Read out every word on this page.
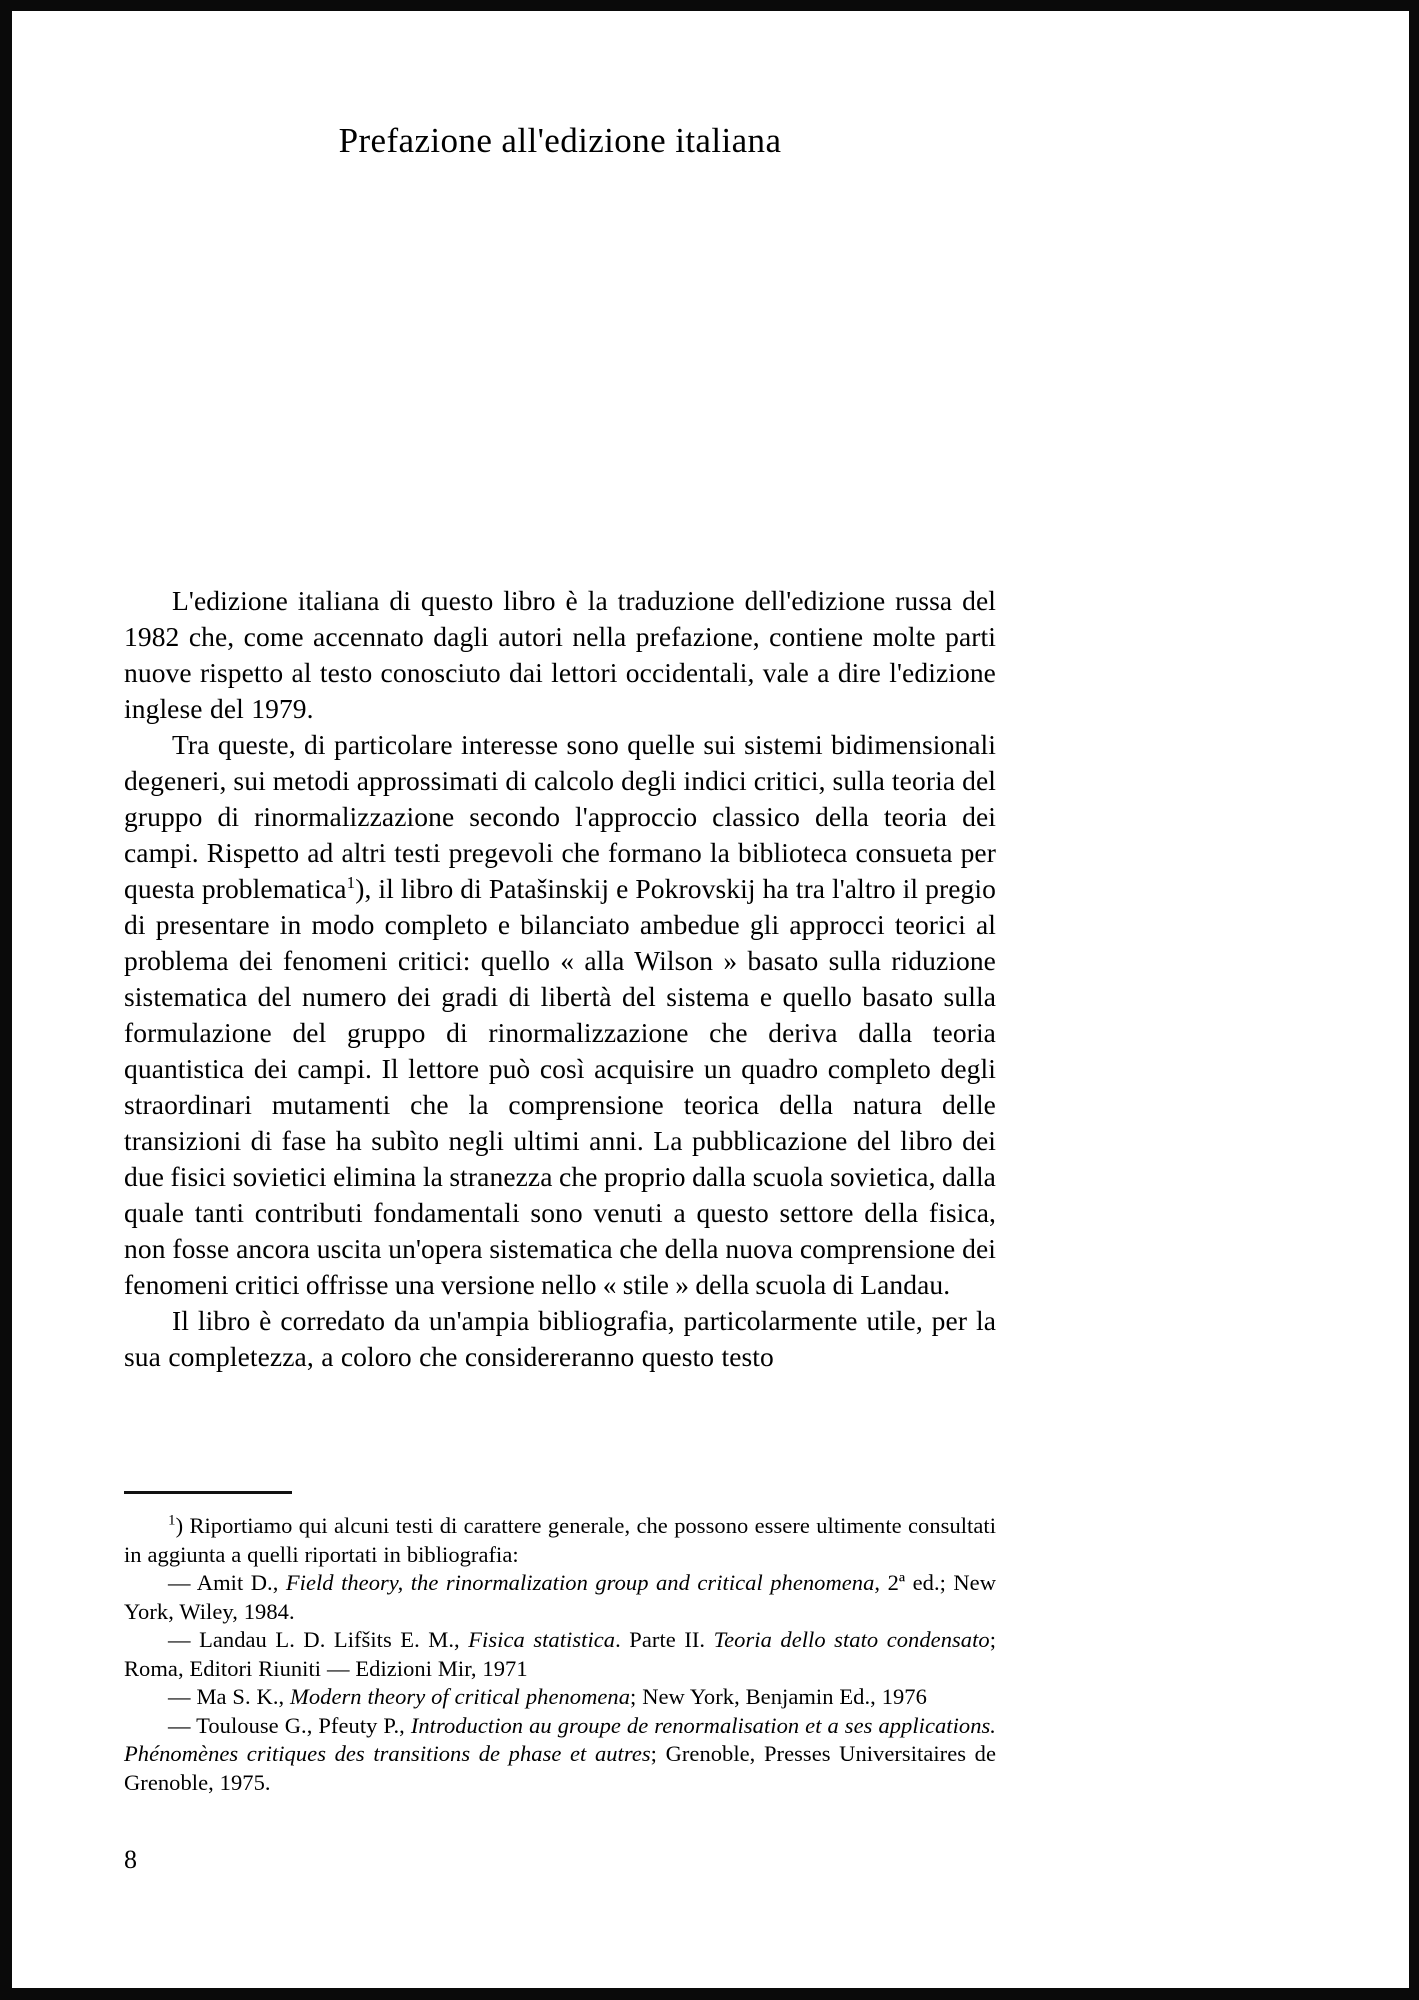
Prefazione all'edizione italiana

L'edizione italiana di questo libro è la traduzione dell'edizione russa del 1982 che, come accennato dagli autori nella prefazione, contiene molte parti nuove rispetto al testo conosciuto dai lettori occidentali, vale a dire l'edizione inglese del 1979.

Tra queste, di particolare interesse sono quelle sui sistemi bidimensionali degeneri, sui metodi approssimati di calcolo degli indici critici, sulla teoria del gruppo di rinormalizzazione secondo l'approccio classico della teoria dei campi. Rispetto ad altri testi pregevoli che formano la biblioteca consueta per questa problematica$^1$), il libro di Patašinskij e Pokrovskij ha tra l'altro il pregio di presentare in modo completo e bilanciato ambedue gli approcci teorici al problema dei fenomeni critici: quello « alla Wilson » basato sulla riduzione sistematica del numero dei gradi di libertà del sistema e quello basato sulla formulazione del gruppo di rinormalizzazione che deriva dalla teoria quantistica dei campi. Il lettore può così acquisire un quadro completo degli straordinari mutamenti che la comprensione teorica della natura delle transizioni di fase ha subìto negli ultimi anni. La pubblicazione del libro dei due fisici sovietici elimina la stranezza che proprio dalla scuola sovietica, dalla quale tanti contributi fondamentali sono venuti a questo settore della fisica, non fosse ancora uscita un'opera sistematica che della nuova comprensione dei fenomeni critici offrisse una versione nello « stile » della scuola di Landau.

Il libro è corredato da un'ampia bibliografia, particolarmente utile, per la sua completezza, a coloro che considereranno questo testo

$^1$) Riportiamo qui alcuni testi di carattere generale, che possono essere ultimente consultati in aggiunta a quelli riportati in bibliografia:

— Amit D., Field theory, the rinormalization group and critical phenomena, 2ª ed.; New York, Wiley, 1984.

— Landau L. D. Lifšits E. M., Fisica statistica. Parte II. Teoria dello stato condensato; Roma, Editori Riuniti — Edizioni Mir, 1971

— Ma S. K., Modern theory of critical phenomena; New York, Benjamin Ed., 1976

— Toulouse G., Pfeuty P., Introduction au groupe de renormalisation et a ses applications. Phénomènes critiques des transitions de phase et autres; Grenoble, Presses Universitaires de Grenoble, 1975.

8
